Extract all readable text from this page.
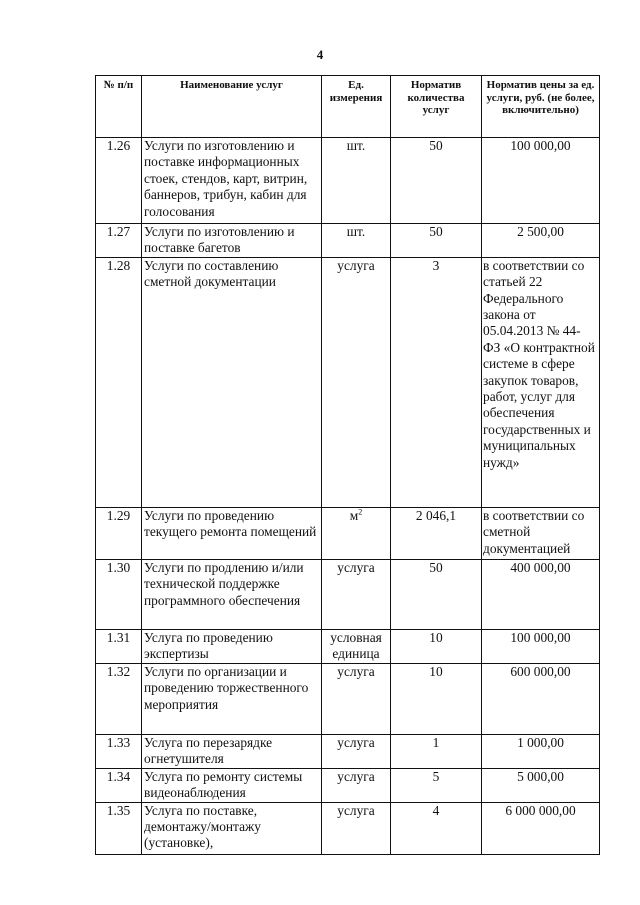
4
№ п/п	Наименование услуг	Ед. измерения	Норматив количества услуг	Норматив цены за ед. услуги, руб. (не более, включительно)
1.26	Услуги по изготовлению и поставке информационных стоек, стендов, карт, витрин, баннеров, трибун, кабин для голосования	шт.	50	100 000,00
1.27	Услуги по изготовлению и поставке багетов	шт.	50	2 500,00
1.28	Услуги по составлению сметной документации	услуга	3	в соответствии со статьей 22 Федерального закона от 05.04.2013 № 44-ФЗ «О контрактной системе в сфере закупок товаров, работ, услуг для обеспечения государственных и муниципальных нужд»
1.29	Услуги по проведению текущего ремонта помещений	$м^2$	2 046,1	в соответствии со сметной документацией
1.30	Услуги по продлению и/или технической поддержке программного обеспечения	услуга	50	400 000,00
1.31	Услуга по проведению экспертизы	условная единица	10	100 000,00
1.32	Услуги по организации и проведению торжественного мероприятия	услуга	10	600 000,00
1.33	Услуга по перезарядке огнетушителя	услуга	1	1 000,00
1.34	Услуга по ремонту системы видеонаблюдения	услуга	5	5 000,00
1.35	Услуга по поставке, демонтажу/монтажу (установке),	услуга	4	6 000 000,00
